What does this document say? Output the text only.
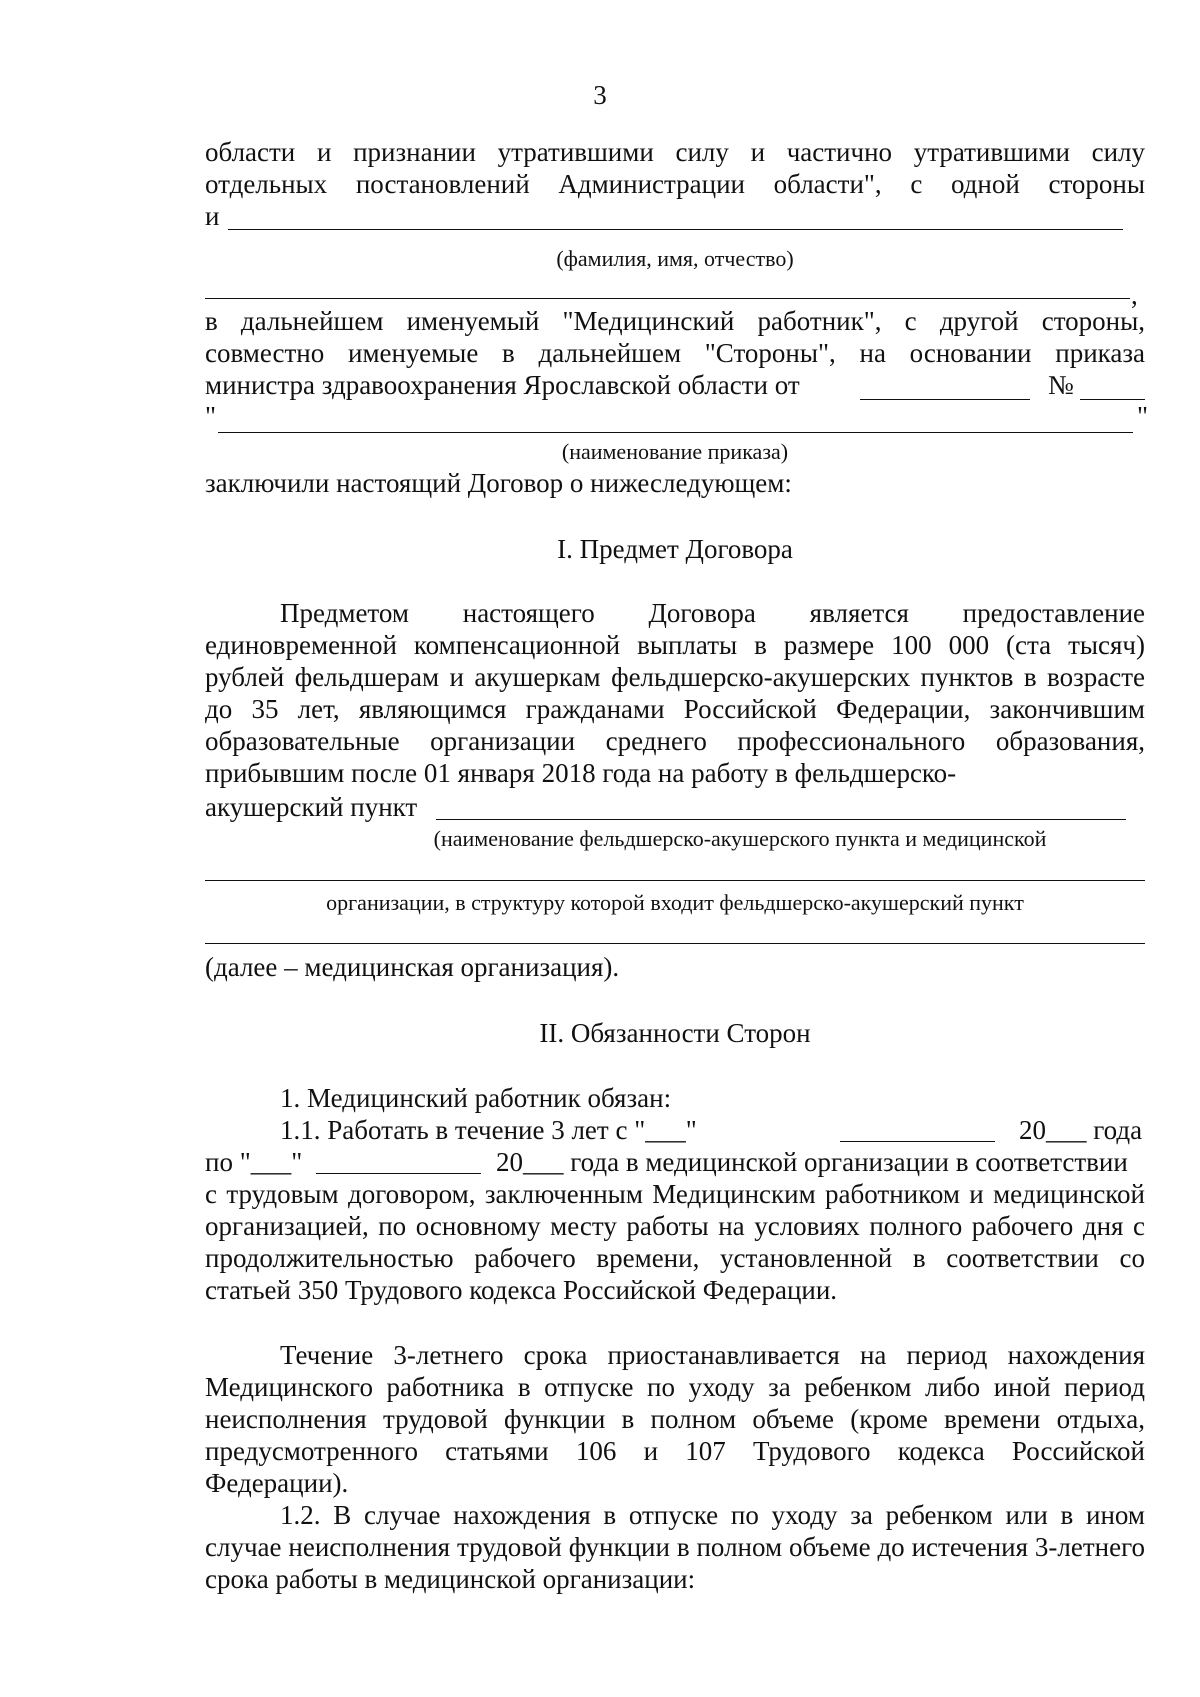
3
области и признании утратившими силу и частично утратившими силу
отдельных постановлений Администрации области", с одной стороны
и
(фамилия, имя, отчество)
,
в дальнейшем именуемый "Медицинский работник", с другой стороны,
совместно именуемые в дальнейшем "Стороны", на основании приказа
министра здравоохранения Ярославской области от	№
"	"
(наименование приказа)
заключили настоящий Договор о нижеследующем:
I. Предмет Договора
Предметом настоящего Договора является предоставление единовременной компенсационной выплаты в размере 100 000 (ста тысяч) рублей фельдшерам и акушеркам фельдшерско-акушерских пунктов в возрасте до 35 лет, являющимся гражданами Российской Федерации, закончившим образовательные организации среднего профессионального образования, прибывшим после 01 января 2018 года на работу в фельдшерско-
акушерский пункт
(наименование фельдшерско-акушерского пункта и медицинской
организации, в структуру которой входит фельдшерско-акушерский пункт
(далее – медицинская организация).
II. Обязанности Сторон
1. Медицинский работник обязан:
1.1. Работать в течение 3 лет с "___"	20___ года
по "___"	20___ года в медицинской организации в соответствии
с трудовым договором, заключенным Медицинским работником и медицинской организацией, по основному месту работы на условиях полного рабочего дня с продолжительностью рабочего времени, установленной в соответствии со статьей 350 Трудового кодекса Российской Федерации.
Течение 3-летнего срока приостанавливается на период нахождения Медицинского работника в отпуске по уходу за ребенком либо иной период неисполнения трудовой функции в полном объеме (кроме времени отдыха, предусмотренного статьями 106 и 107 Трудового кодекса Российской Федерации).
1.2. В случае нахождения в отпуске по уходу за ребенком или в ином случае неисполнения трудовой функции в полном объеме до истечения 3-летнего срока работы в медицинской организации:
